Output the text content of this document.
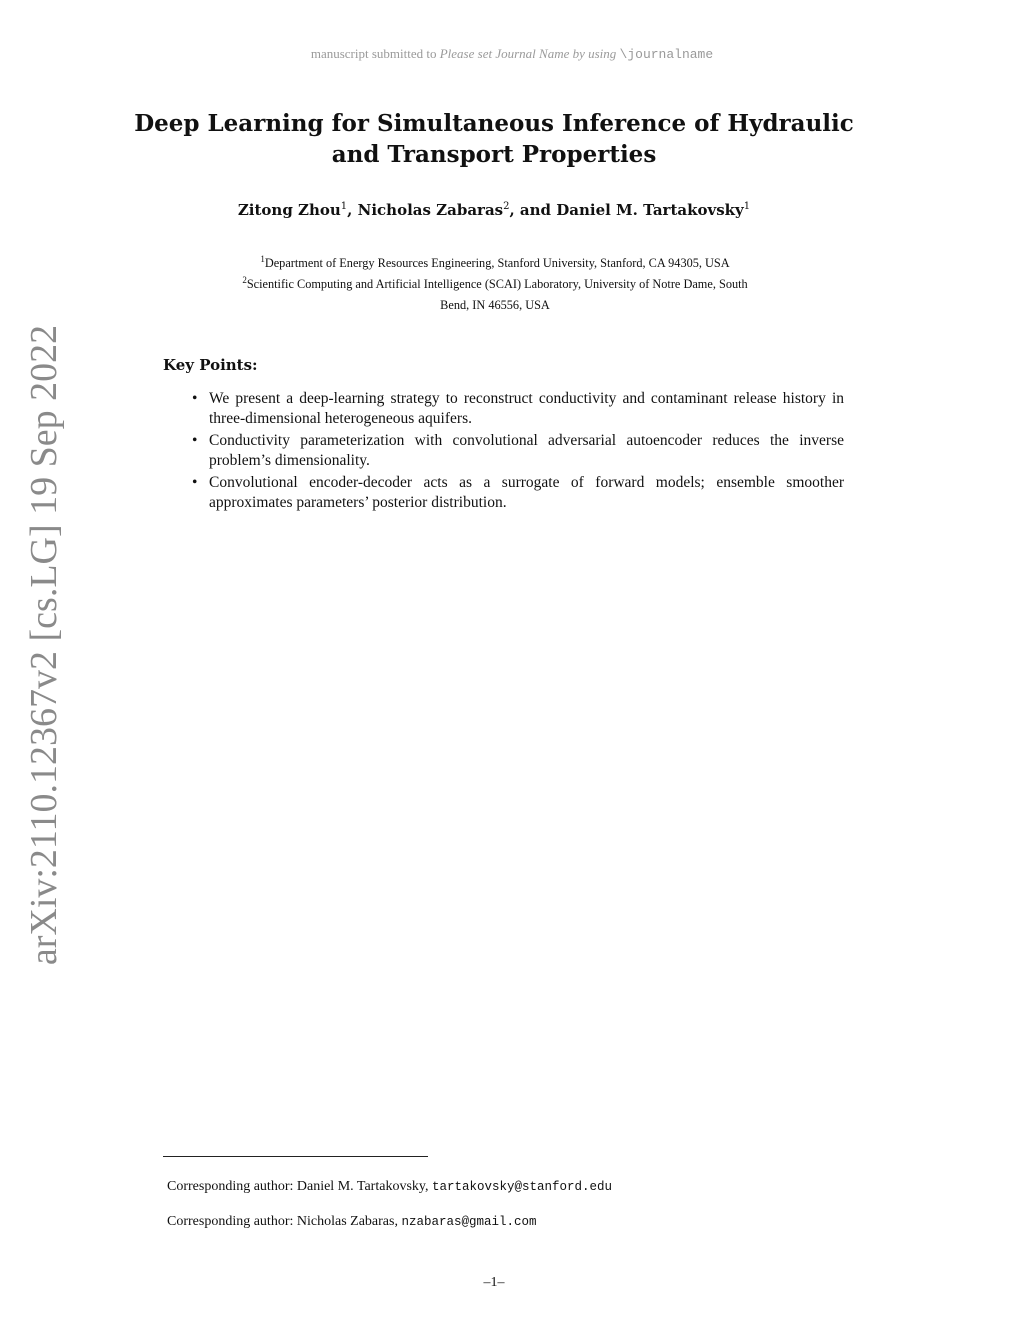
manuscript submitted to Please set Journal Name by using \journalname
Deep Learning for Simultaneous Inference of Hydraulic
and Transport Properties
Zitong Zhou$^1$, Nicholas Zabaras$^2$, and Daniel M. Tartakovsky$^1$
$^1$Department of Energy Resources Engineering, Stanford University, Stanford, CA 94305, USA
$^2$Scientific Computing and Artificial Intelligence (SCAI) Laboratory, University of Notre Dame, South
Bend, IN 46556, USA
arXiv:2110.12367v2 [cs.LG] 19 Sep 2022	Key Points:
• We present a deep-learning strategy to reconstruct conductivity and contaminant release history in three-dimensional heterogeneous aquifers.
• Conductivity parameterization with convolutional adversarial autoencoder reduces the inverse problem’s dimensionality.
• Convolutional encoder-decoder acts as a surrogate of forward models; ensemble smoother approximates parameters’ posterior distribution.
Corresponding author: Daniel M. Tartakovsky, tartakovsky@stanford.edu
Corresponding author: Nicholas Zabaras, nzabaras@gmail.com
–1–
